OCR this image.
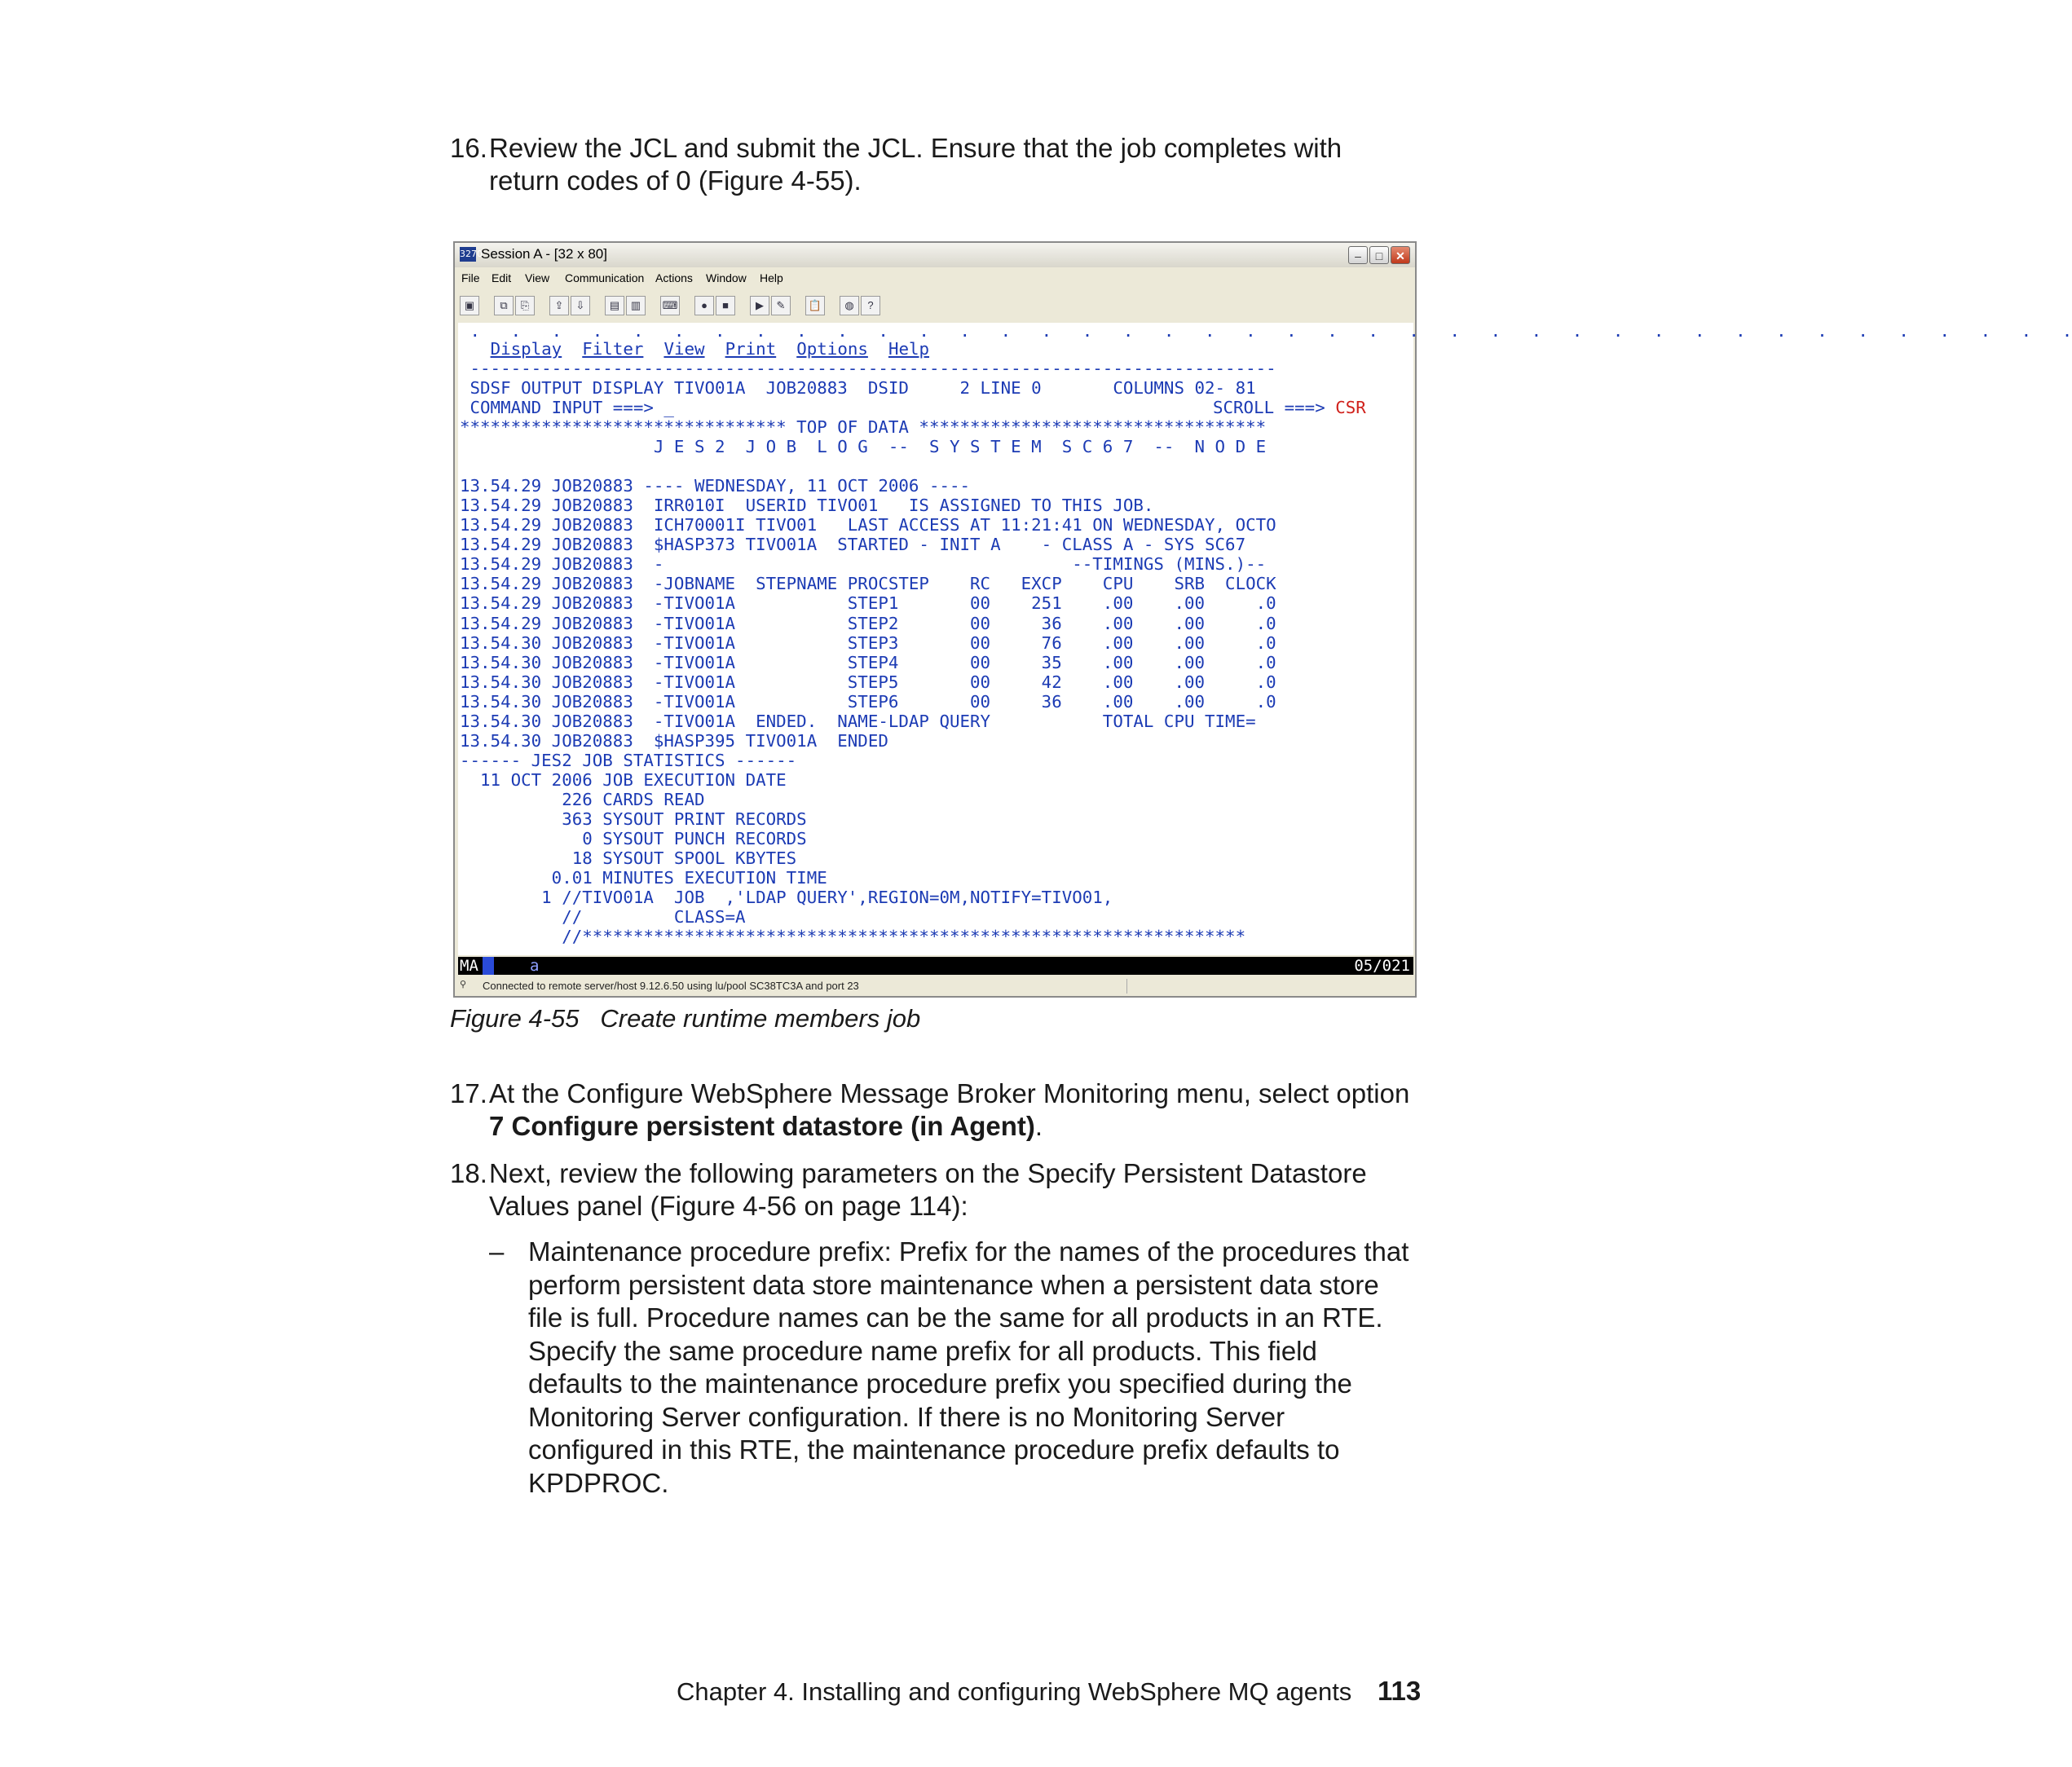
16. Review the JCL and submit the JCL. Ensure that the job completes with
return codes of 0 (Figure 4-55).
3270
Session A - [32 x 80]	–	□	✕
File Edit View Communication Actions Window Help
▣	⧉	⎘	⇪	⇩	▤	▥	⌨	●	■	▶	✎	📋	◍	?
.   .   .   .   .   .   .   .   .   .   .   .   .   .   .   .   .   .   .   .   .   .   .   .   .   .   .   .   .   .   .   .   .   .   .   .   .   .   .   .
Display Filter View Print Options Help
-------------------------------------------------------------------------------
SDSF OUTPUT DISPLAY TIVO01A  JOB20883  DSID     2 LINE 0       COLUMNS 02- 81
COMMAND INPUT ===> _	SCROLL ===> CSR
******************************** TOP OF DATA **********************************
J E S 2  J O B  L O G  --  S Y S T E M  S C 6 7  --  N O D E
13.54.29 JOB20883 ---- WEDNESDAY, 11 OCT 2006 ----
13.54.29 JOB20883  IRR010I  USERID TIVO01   IS ASSIGNED TO THIS JOB.
13.54.29 JOB20883  ICH70001I TIVO01   LAST ACCESS AT 11:21:41 ON WEDNESDAY, OCTO
13.54.29 JOB20883  $HASP373 TIVO01A  STARTED - INIT A    - CLASS A - SYS SC67
13.54.29 JOB20883  -                                        --TIMINGS (MINS.)--
13.54.29 JOB20883  -JOBNAME  STEPNAME PROCSTEP    RC   EXCP    CPU    SRB  CLOCK
13.54.29 JOB20883  -TIVO01A           STEP1       00    251    .00    .00     .0
13.54.29 JOB20883  -TIVO01A           STEP2       00     36    .00    .00     .0
13.54.30 JOB20883  -TIVO01A           STEP3       00     76    .00    .00     .0
13.54.30 JOB20883  -TIVO01A           STEP4       00     35    .00    .00     .0
13.54.30 JOB20883  -TIVO01A           STEP5       00     42    .00    .00     .0
13.54.30 JOB20883  -TIVO01A           STEP6       00     36    .00    .00     .0
13.54.30 JOB20883  -TIVO01A  ENDED.  NAME-LDAP QUERY           TOTAL CPU TIME=
13.54.30 JOB20883  $HASP395 TIVO01A  ENDED
------ JES2 JOB STATISTICS ------
11 OCT 2006 JOB EXECUTION DATE
226 CARDS READ
363 SYSOUT PRINT RECORDS
0 SYSOUT PUNCH RECORDS
18 SYSOUT SPOOL KBYTES
0.01 MINUTES EXECUTION TIME
1 //TIVO01A  JOB  ,'LDAP QUERY',REGION=0M,NOTIFY=TIVO01,
//         CLASS=A
//*****************************************************************
MA	a	05/021
⚲	Connected to remote server/host 9.12.6.50 using lu/pool SC38TC3A and port 23
Figure 4-55 Create runtime members job
17. At the Configure WebSphere Message Broker Monitoring menu, select option
7 Configure persistent datastore (in Agent).
18. Next, review the following parameters on the Specify Persistent Datastore
Values panel (Figure 4-56 on page 114):
– Maintenance procedure prefix: Prefix for the names of the procedures that
perform persistent data store maintenance when a persistent data store
file is full. Procedure names can be the same for all products in an RTE.
Specify the same procedure name prefix for all products. This field
defaults to the maintenance procedure prefix you specified during the
Monitoring Server configuration. If there is no Monitoring Server
configured in this RTE, the maintenance procedure prefix defaults to
KPDPROC.
Chapter 4. Installing and configuring WebSphere MQ agents 113
